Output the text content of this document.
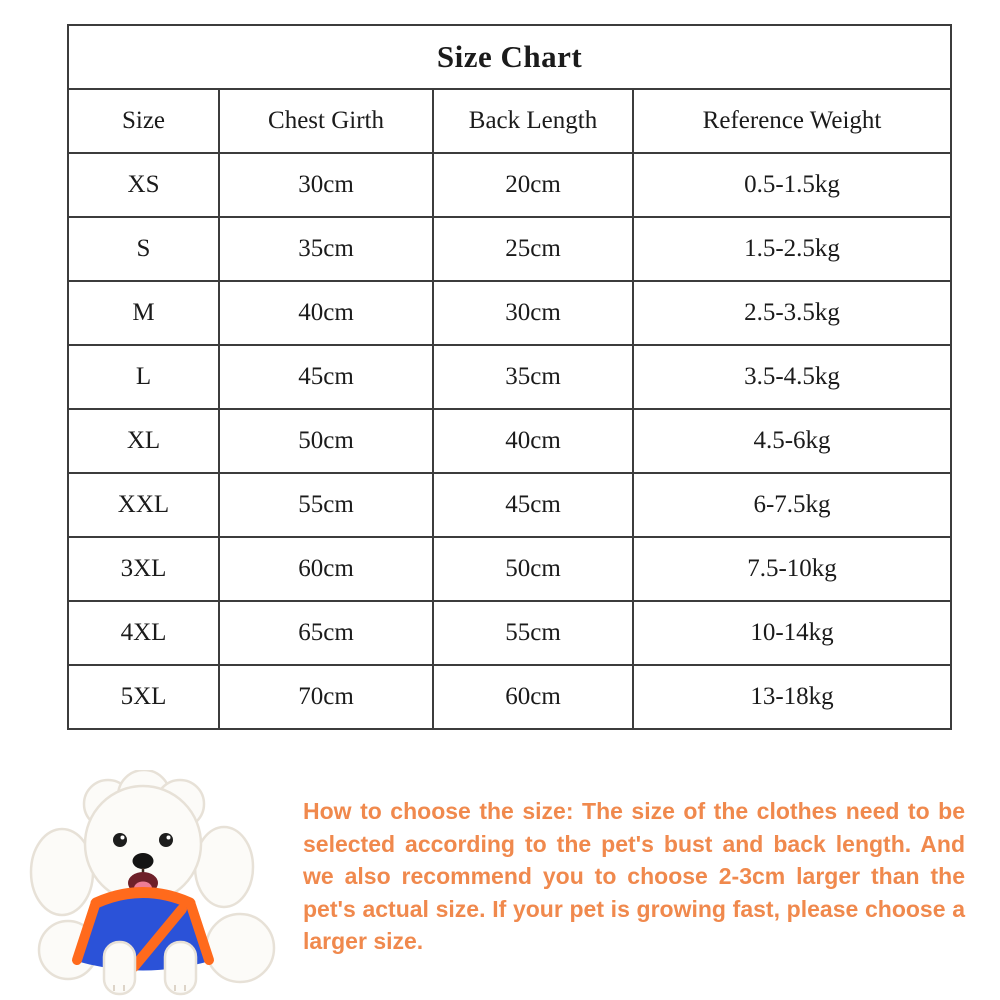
Size Chart			
Size	Chest Girth	Back Length	Reference Weight
XS	30cm	20cm	0.5-1.5kg
S	35cm	25cm	1.5-2.5kg
M	40cm	30cm	2.5-3.5kg
L	45cm	35cm	3.5-4.5kg
XL	50cm	40cm	4.5-6kg
XXL	55cm	45cm	6-7.5kg
3XL	60cm	50cm	7.5-10kg
4XL	65cm	55cm	10-14kg
5XL	70cm	60cm	13-18kg

How to choose the size: The size of the clothes need to be selected according to the pet's bust and back length. And we also recommend you to choose 2-3cm larger than the pet's actual size. If your pet is growing fast, please choose a larger size.
